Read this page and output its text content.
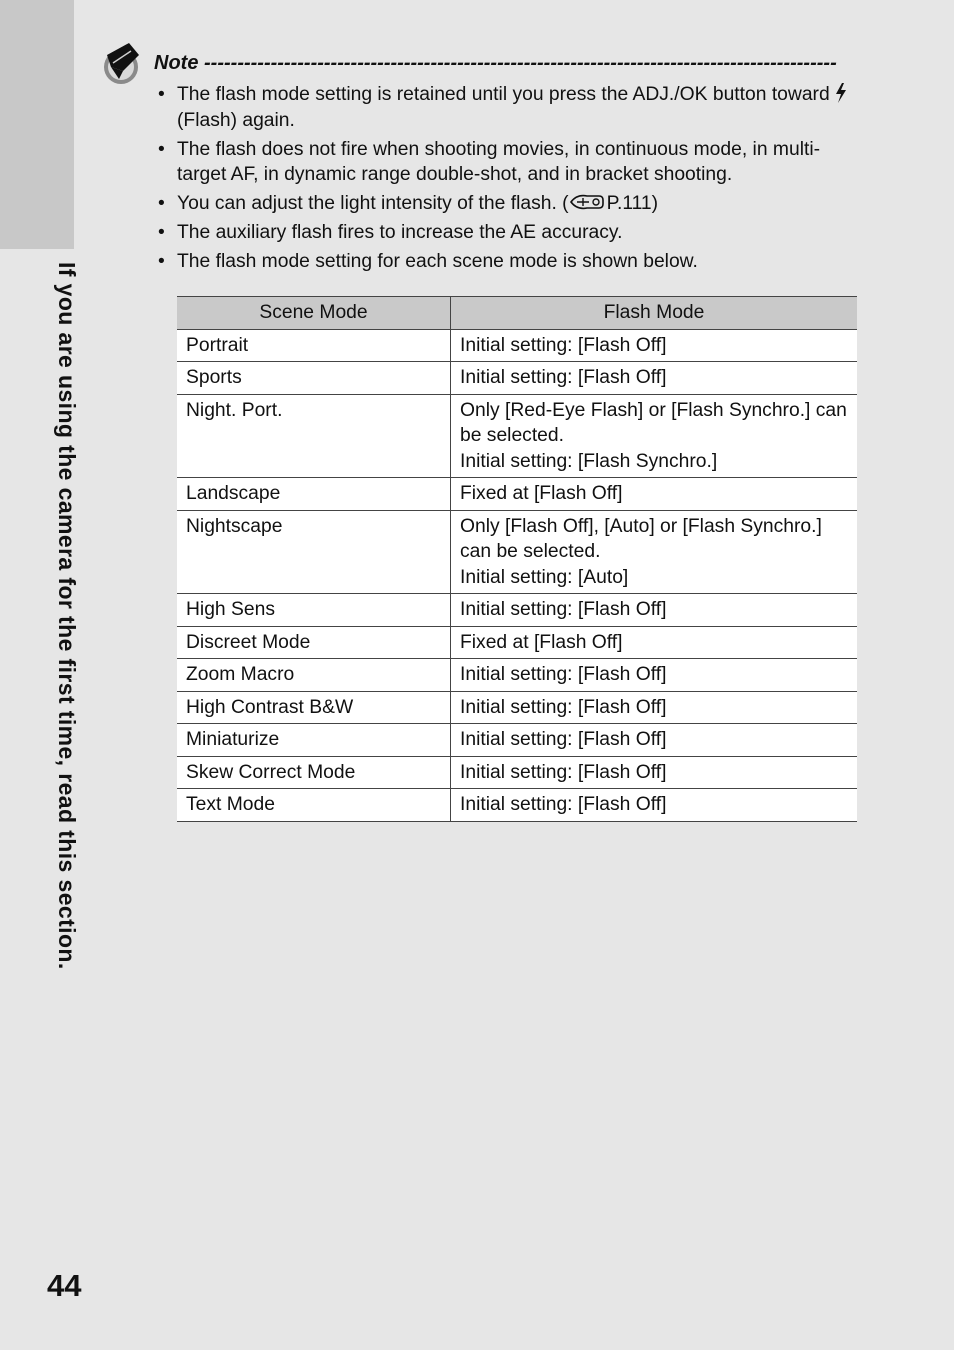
If you are using the camera for the first time, read this section.
Note -----------------------------------------------------------------------------------------------
• The flash mode setting is retained until you press the ADJ./OK button toward
(Flash) again.
• The flash does not fire when shooting movies, in continuous mode, in multi-target AF, in dynamic range double-shot, and in bracket shooting.
• You can adjust the light intensity of the flash. ( P.111)
• The auxiliary flash fires to increase the AE accuracy.
• The flash mode setting for each scene mode is shown below.
Scene Mode	Flash Mode
Portrait	Initial setting: [Flash Off]
Sports	Initial setting: [Flash Off]
Night. Port.	Only [Red-Eye Flash] or [Flash Synchro.] can be selected.
Initial setting: [Flash Synchro.]
Landscape	Fixed at [Flash Off]
Nightscape	Only [Flash Off], [Auto] or [Flash Synchro.] can be selected.
Initial setting: [Auto]
High Sens	Initial setting: [Flash Off]
Discreet Mode	Fixed at [Flash Off]
Zoom Macro	Initial setting: [Flash Off]
High Contrast B&W	Initial setting: [Flash Off]
Miniaturize	Initial setting: [Flash Off]
Skew Correct Mode	Initial setting: [Flash Off]
Text Mode	Initial setting: [Flash Off]
44
